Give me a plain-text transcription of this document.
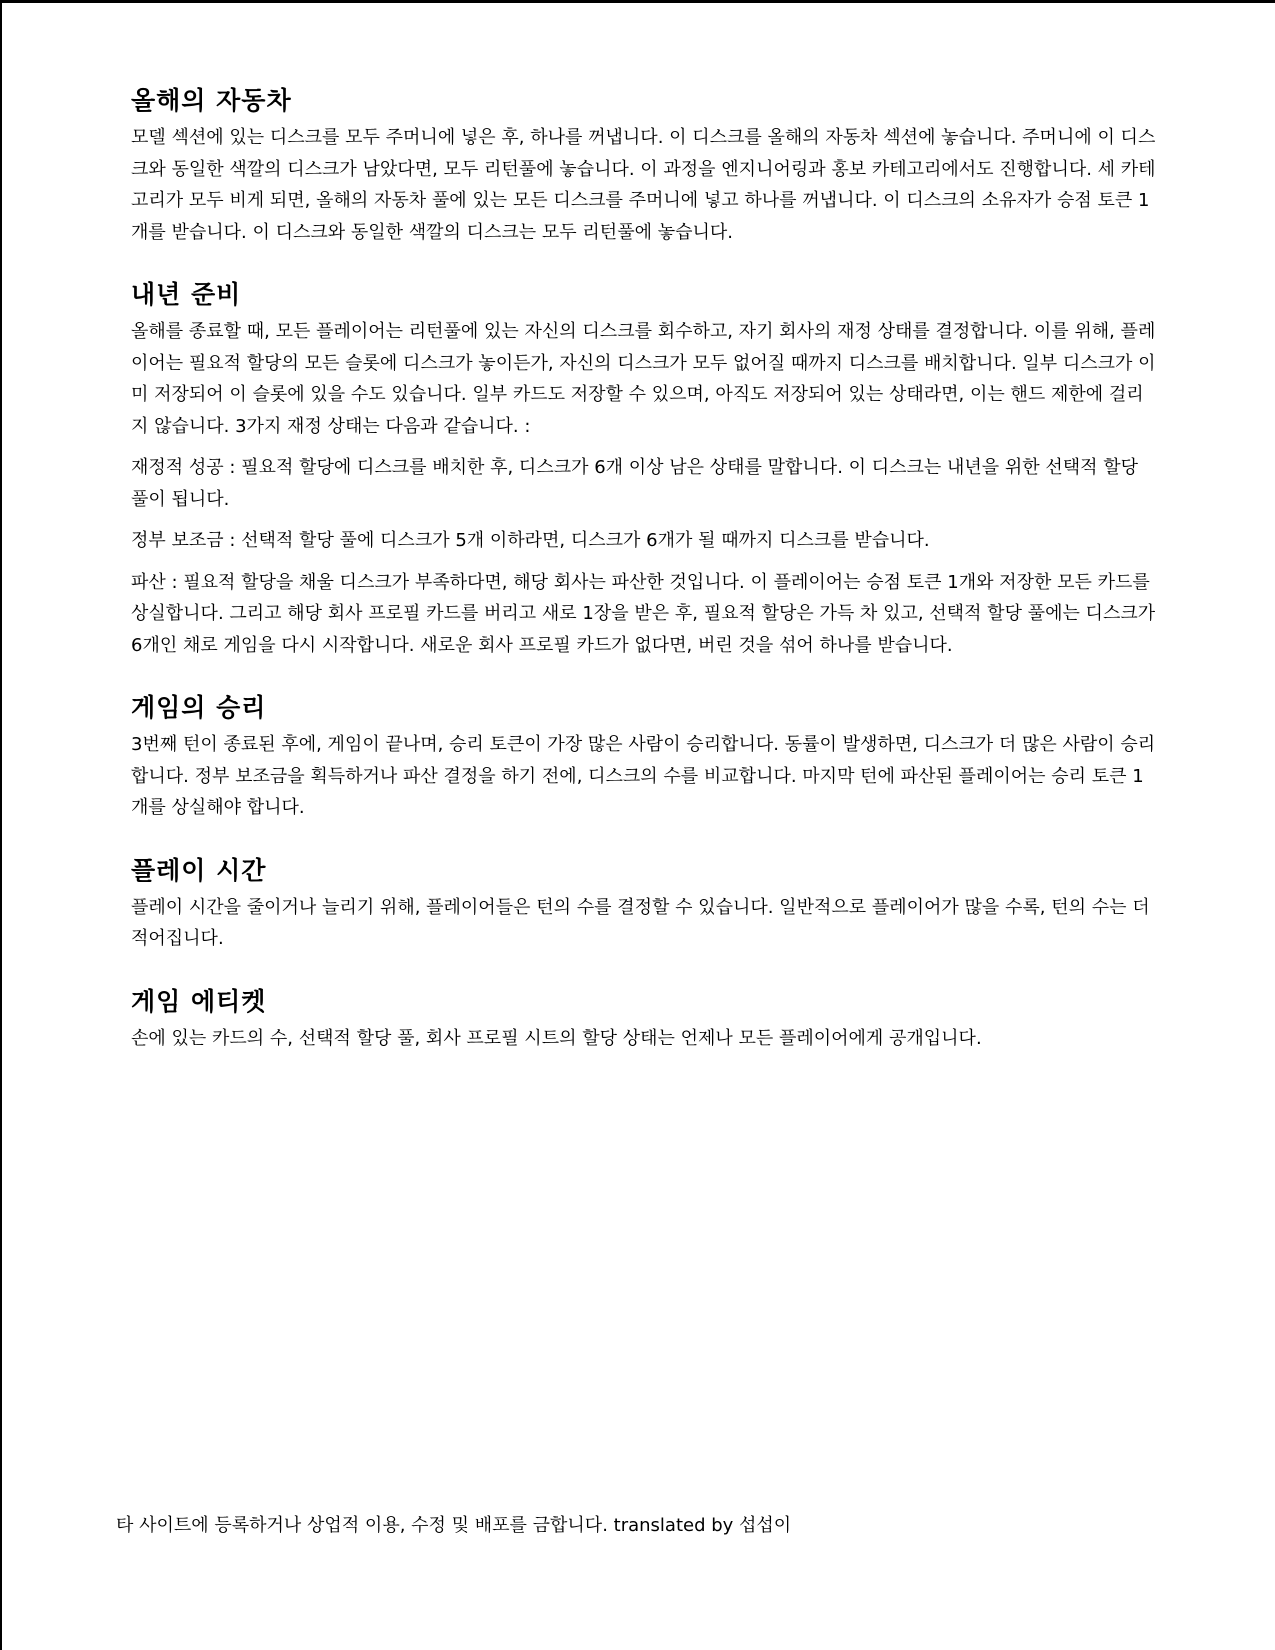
올해의 자동차

모델 섹션에 있는 디스크를 모두 주머니에 넣은 후, 하나를 꺼냅니다. 이 디스크를 올해의 자동차 섹션에 놓습니다. 주머니에 이 디스크와 동일한 색깔의 디스크가 남았다면, 모두 리턴풀에 놓습니다. 이 과정을 엔지니어링과 홍보 카테고리에서도 진행합니다. 세 카테고리가 모두 비게 되면, 올해의 자동차 풀에 있는 모든 디스크를 주머니에 넣고 하나를 꺼냅니다. 이 디스크의 소유자가 승점 토큰 1개를 받습니다. 이 디스크와 동일한 색깔의 디스크는 모두 리턴풀에 놓습니다.

내년 준비

올해를 종료할 때, 모든 플레이어는 리턴풀에 있는 자신의 디스크를 회수하고, 자기 회사의 재정 상태를 결정합니다. 이를 위해, 플레이어는 필요적 할당의 모든 슬롯에 디스크가 놓이든가, 자신의 디스크가 모두 없어질 때까지 디스크를 배치합니다. 일부 디스크가 이미 저장되어 이 슬롯에 있을 수도 있습니다. 일부 카드도 저장할 수 있으며, 아직도 저장되어 있는 상태라면, 이는 핸드 제한에 걸리지 않습니다. 3가지 재정 상태는 다음과 같습니다. :

재정적 성공 : 필요적 할당에 디스크를 배치한 후, 디스크가 6개 이상 남은 상태를 말합니다. 이 디스크는 내년을 위한 선택적 할당 풀이 됩니다.

정부 보조금 : 선택적 할당 풀에 디스크가 5개 이하라면, 디스크가 6개가 될 때까지 디스크를 받습니다.

파산 : 필요적 할당을 채울 디스크가 부족하다면, 해당 회사는 파산한 것입니다. 이 플레이어는 승점 토큰 1개와 저장한 모든 카드를 상실합니다. 그리고 해당 회사 프로필 카드를 버리고 새로 1장을 받은 후, 필요적 할당은 가득 차 있고, 선택적 할당 풀에는 디스크가 6개인 채로 게임을 다시 시작합니다. 새로운 회사 프로필 카드가 없다면, 버린 것을 섞어 하나를 받습니다.

게임의 승리

3번째 턴이 종료된 후에, 게임이 끝나며, 승리 토큰이 가장 많은 사람이 승리합니다. 동률이 발생하면, 디스크가 더 많은 사람이 승리합니다. 정부 보조금을 획득하거나 파산 결정을 하기 전에, 디스크의 수를 비교합니다. 마지막 턴에 파산된 플레이어는 승리 토큰 1개를 상실해야 합니다.

플레이 시간

플레이 시간을 줄이거나 늘리기 위해, 플레이어들은 턴의 수를 결정할 수 있습니다. 일반적으로 플레이어가 많을 수록, 턴의 수는 더 적어집니다.

게임 에티켓

손에 있는 카드의 수, 선택적 할당 풀, 회사 프로필 시트의 할당 상태는 언제나 모든 플레이어에게 공개입니다.

타 사이트에 등록하거나 상업적 이용, 수정 및 배포를 금합니다. translated by 섭섭이
